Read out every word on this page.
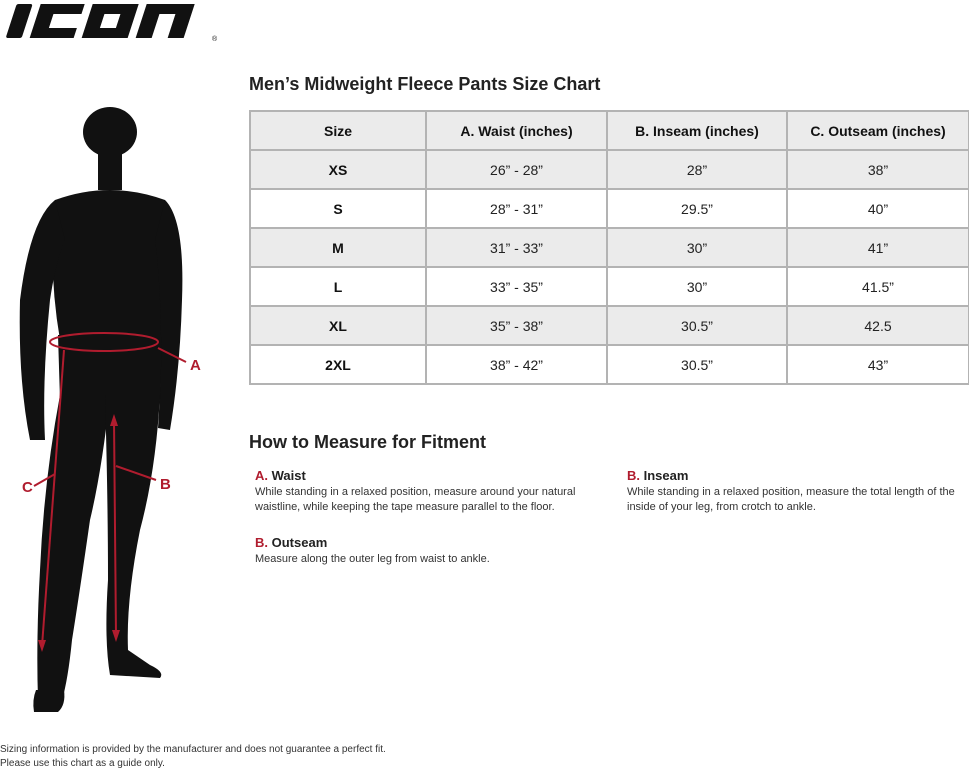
®
A
B
C
Men’s Midweight Fleece Pants Size Chart
Size	A. Waist (inches)	B. Inseam (inches)	C. Outseam (inches)
XS	26” - 28”	28”	38”
S	28” - 31”	29.5”	40”
M	31” - 33”	30”	41”
L	33” - 35”	30”	41.5”
XL	35” - 38”	30.5”	42.5
2XL	38” - 42”	30.5”	43”
How to Measure for Fitment

A. Waist

While standing in a relaxed position, measure around your natural waistline, while keeping the tape measure parallel to the floor.

B. Inseam

While standing in a relaxed position, measure the total length of the inside of your leg, from crotch to ankle.

B. Outseam

Measure along the outer leg from waist to ankle.

Sizing information is provided by the manufacturer and does not guarantee a perfect fit.
Please use this chart as a guide only.
